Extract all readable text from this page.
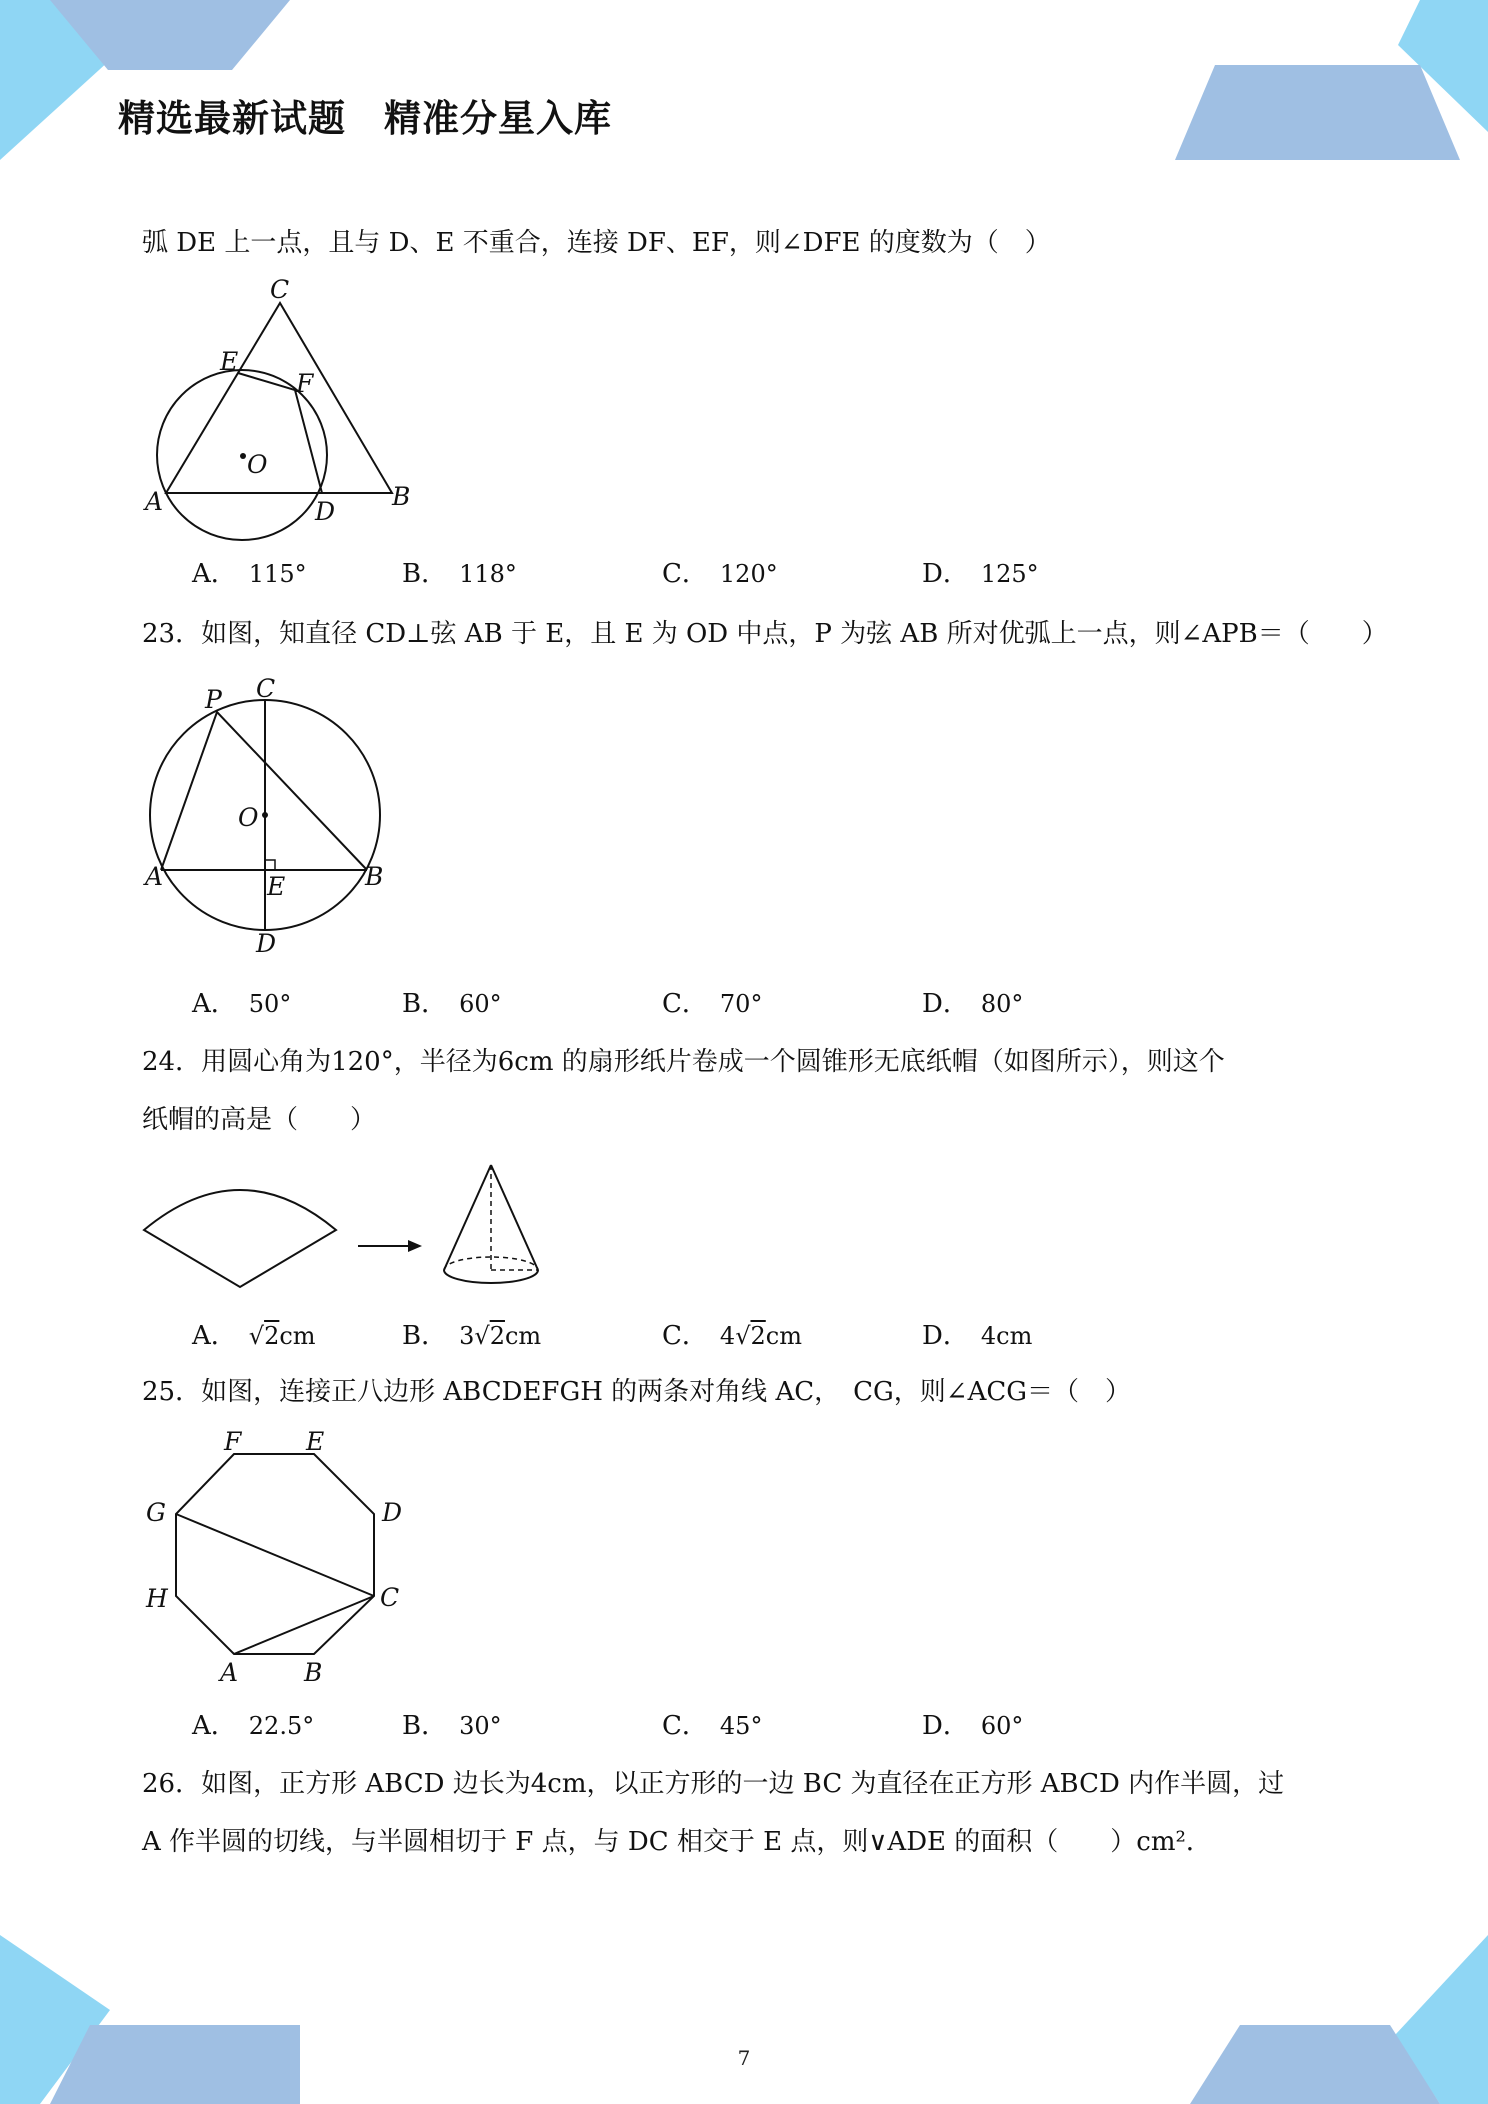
精选最新试题　精准分星入库
弧 DE 上一点，且与 D、E 不重合，连接 DF、EF，则∠DFE 的度数为（　）
C
E
F
O
A	D
B
A． 115°	B． 118°	C． 120°	D． 125°
23．如图，知直径 CD⊥弦 AB 于 E，且 E 为 OD 中点，P 为弦 AB 所对优弧上一点，则∠APB＝（　　）
P C
O
A	E	B
D
A． 50°	B． 60°	C． 70°	D． 80°
24．用圆心角为120°，半径为6cm 的扇形纸片卷成一个圆锥形无底纸帽（如图所示），则这个
纸帽的高是（　　）
A． √2cm	B． 3√2cm	C． 4√2cm	D． 4cm
25．如图，连接正八边形 ABCDEFGH 的两条对角线 AC，　CG，则∠ACG＝（　）
F	E
G	D
H	C
A	B
A． 22.5°	B． 30°	C． 45°	D． 60°
26．如图，正方形 ABCD 边长为4cm，以正方形的一边 BC 为直径在正方形 ABCD 内作半圆，过
A 作半圆的切线，与半圆相切于 F 点，与 DC 相交于 E 点，则∨ADE 的面积（　　）cm²．
7
